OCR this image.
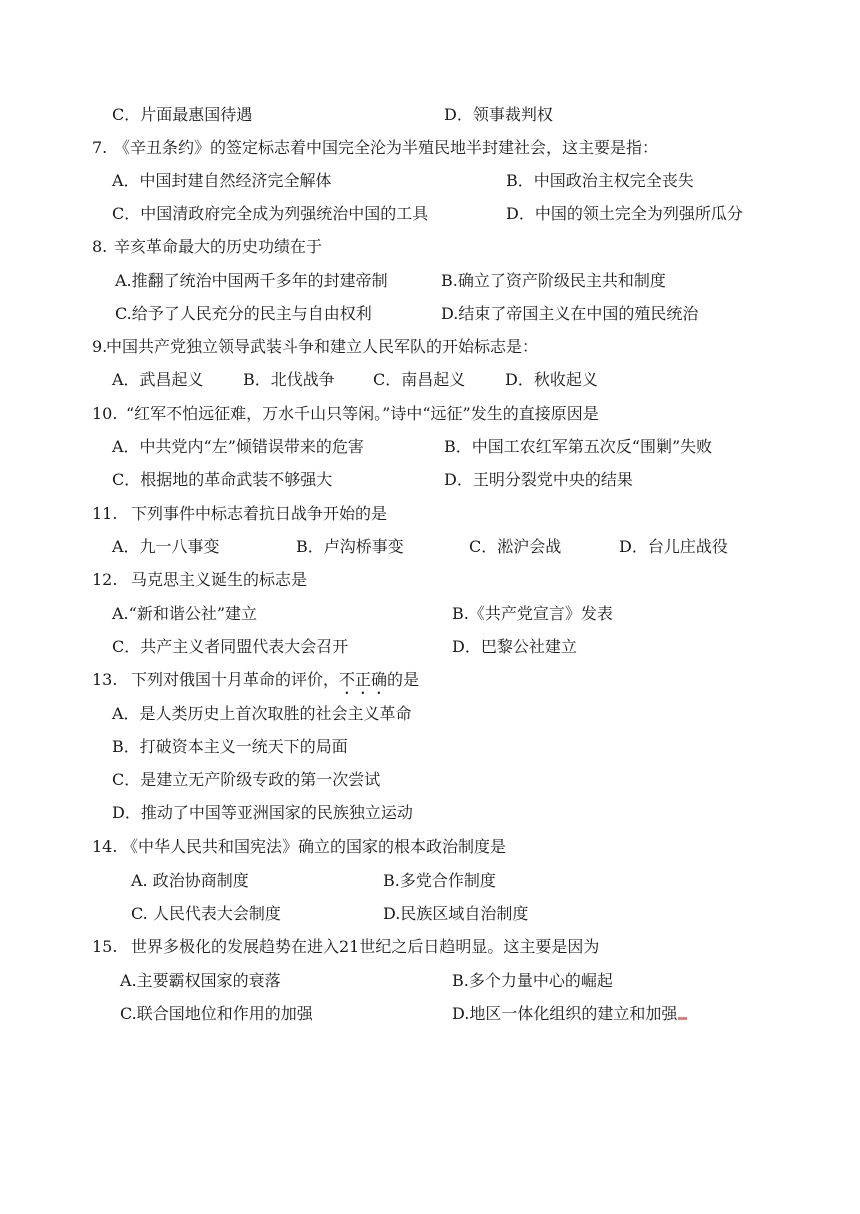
C．片面最惠国待遇	D．领事裁判权
7. 《辛丑条约》的签定标志着中国完全沦为半殖民地半封建社会，这主要是指：
A．中国封建自然经济完全解体	B．中国政治主权完全丧失
C．中国清政府完全成为列强统治中国的工具	D．中国的领土完全为列强所瓜分
8. 辛亥革命最大的历史功绩在于
A.推翻了统治中国两千多年的封建帝制	B.确立了资产阶级民主共和制度
C.给予了人民充分的民主与自由权利	D.结束了帝国主义在中国的殖民统治
9.
中国共产党独立领导武装斗争和建立人民军队的开始标志是：
A．武昌起义 B．北伐战争 C．南昌起义 D．秋收起义
10. “红军不怕远征难，万水千山只等闲。”诗中“远征”发生的直接原因是
A．中共党内“左”倾错误带来的危害	B．中国工农红军第五次反“围剿”失败
C．根据地的革命武装不够强大	D．王明分裂党中央的结果
11. 下列事件中标志着抗日战争开始的是
A．九一八事变	B．卢沟桥事变	C．淞沪会战	D．台儿庄战役
12. 马克思主义诞生的标志是
A.“新和谐公社”建立	B.《共产党宣言》发表
C．共产主义者同盟代表大会召开	D．巴黎公社建立
13. 下列对俄国十月革命的评价，不正确的是
A．是人类历史上首次取胜的社会主义革命
B．打破资本主义一统天下的局面
C．是建立无产阶级专政的第一次尝试
D．推动了中国等亚洲国家的民族独立运动
14. 《中华人民共和国宪法》确立的国家的根本政治制度是
A. 政治协商制度	B.多党合作制度
C. 人民代表大会制度	D.民族区域自治制度
15. 世界多极化的发展趋势在进入21世纪之后日趋明显。这主要是因为
A.主要霸权国家的衰落	B.多个力量中心的崛起
C.联合国地位和作用的加强	D.地区一体化组织的建立和加强
